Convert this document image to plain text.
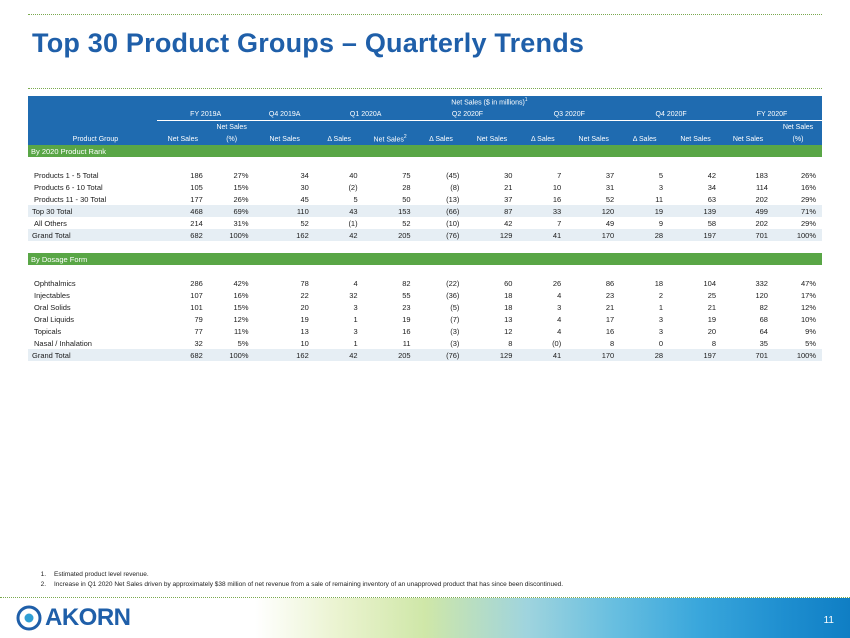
Top 30 Product Groups – Quarterly Trends
	Net Sales ($ in millions)$^1$
	FY 2019A		Q4 2019A	Q1 2020A		Q2 2020F		Q3 2020F		Q4 2020F		FY 2020F	
		Net Sales											Net Sales
Product Group	Net Sales	(%)	Net Sales	Δ Sales	Net Sales$^2$	Δ Sales	Net Sales	Δ Sales	Net Sales	Δ Sales	Net Sales	Net Sales	(%)
By 2020 Product Rank													

Products 1 - 5 Total	186	27%	34	40	75	(45)	30	7	37	5	42	183	26%
Products 6 - 10 Total	105	15%	30	(2)	28	(8)	21	10	31	3	34	114	16%
Products 11 - 30 Total	177	26%	45	5	50	(13)	37	16	52	11	63	202	29%
Top 30 Total	468	69%	110	43	153	(66)	87	33	120	19	139	499	71%
All Others	214	31%	52	(1)	52	(10)	42	7	49	9	58	202	29%
Grand Total	682	100%	162	42	205	(76)	129	41	170	28	197	701	100%

By Dosage Form													

Ophthalmics	286	42%	78	4	82	(22)	60	26	86	18	104	332	47%
Injectables	107	16%	22	32	55	(36)	18	4	23	2	25	120	17%
Oral Solids	101	15%	20	3	23	(5)	18	3	21	1	21	82	12%
Oral Liquids	79	12%	19	1	19	(7)	13	4	17	3	19	68	10%
Topicals	77	11%	13	3	16	(3)	12	4	16	3	20	64	9%
Nasal / Inhalation	32	5%	10	1	11	(3)	8	(0)	8	0	8	35	5%
Grand Total	682	100%	162	42	205	(76)	129	41	170	28	197	701	100%
1. Estimated product level revenue.
2. Increase in Q1 2020 Net Sales driven by approximately $38 million of net revenue from a sale of remaining inventory of an unapproved product that has since been discontinued.
AKORN	11
